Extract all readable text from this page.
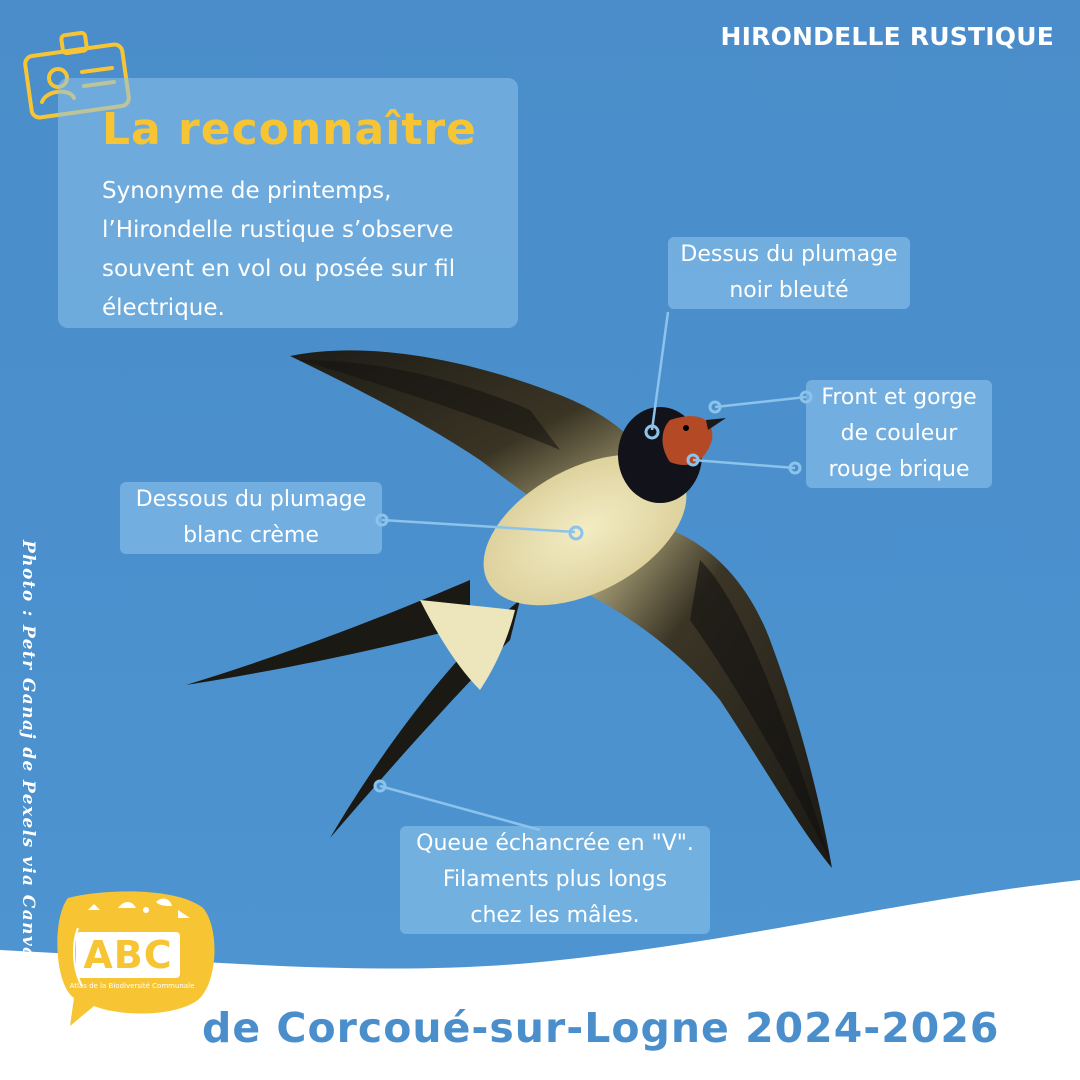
HIRONDELLE RUSTIQUE
La reconnaître
Synonyme de printemps, l’Hirondelle rustique s’observe souvent en vol ou posée sur fil électrique.
Dessus du plumage
noir bleuté
Front et gorge
de couleur
rouge brique
Dessous du plumage
blanc crème
Queue échancrée en "V".
Filaments plus longs
chez les mâles.
Photo : Petr Ganaj de Pexels via Canva ABC
Atlas de la Biodiversité Communale
de Corcoué-sur-Logne 2024-2026
